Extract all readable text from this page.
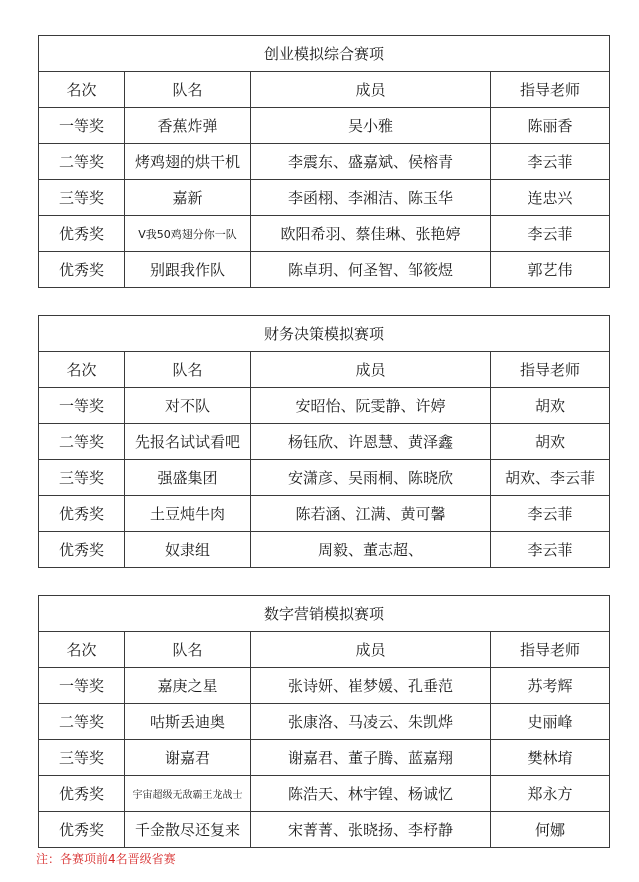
创业模拟综合赛项			
名次	队名	成员	指导老师
一等奖	香蕉炸弹	吴小雅	陈丽香
二等奖	烤鸡翅的烘干机	李震东、盛嘉斌、侯榕青	李云菲
三等奖	嘉新	李函栩、李湘洁、陈玉华	连忠兴
优秀奖	V我50鸡翅分你一队	欧阳希羽、蔡佳琳、张艳婷	李云菲
优秀奖	别跟我作队	陈卓玥、何圣智、邹筱煜	郭艺伟
财务决策模拟赛项			
名次	队名	成员	指导老师
一等奖	对不队	安昭怡、阮雯静、许婷	胡欢
二等奖	先报名试试看吧	杨钰欣、许恩慧、黄泽鑫	胡欢
三等奖	强盛集团	安潇彦、吴雨桐、陈晓欣	胡欢、李云菲
优秀奖	土豆炖牛肉	陈若涵、江满、黄可馨	李云菲
优秀奖	奴隶组	周毅、董志超、	李云菲
数字营销模拟赛项			
名次	队名	成员	指导老师
一等奖	嘉庚之星	张诗妍、崔梦媛、孔垂范	苏考辉
二等奖	咕斯丢迪奥	张康洛、马凌云、朱凯烨	史丽峰
三等奖	谢嘉君	谢嘉君、董子腾、蓝嘉翔	樊林堉
优秀奖	宇宙超级无敌霸王龙战士	陈浩天、林宇锽、杨诚忆	郑永方
优秀奖	千金散尽还复来	宋菁菁、张晓扬、李杼静	何娜
注：各赛项前4名晋级省赛
